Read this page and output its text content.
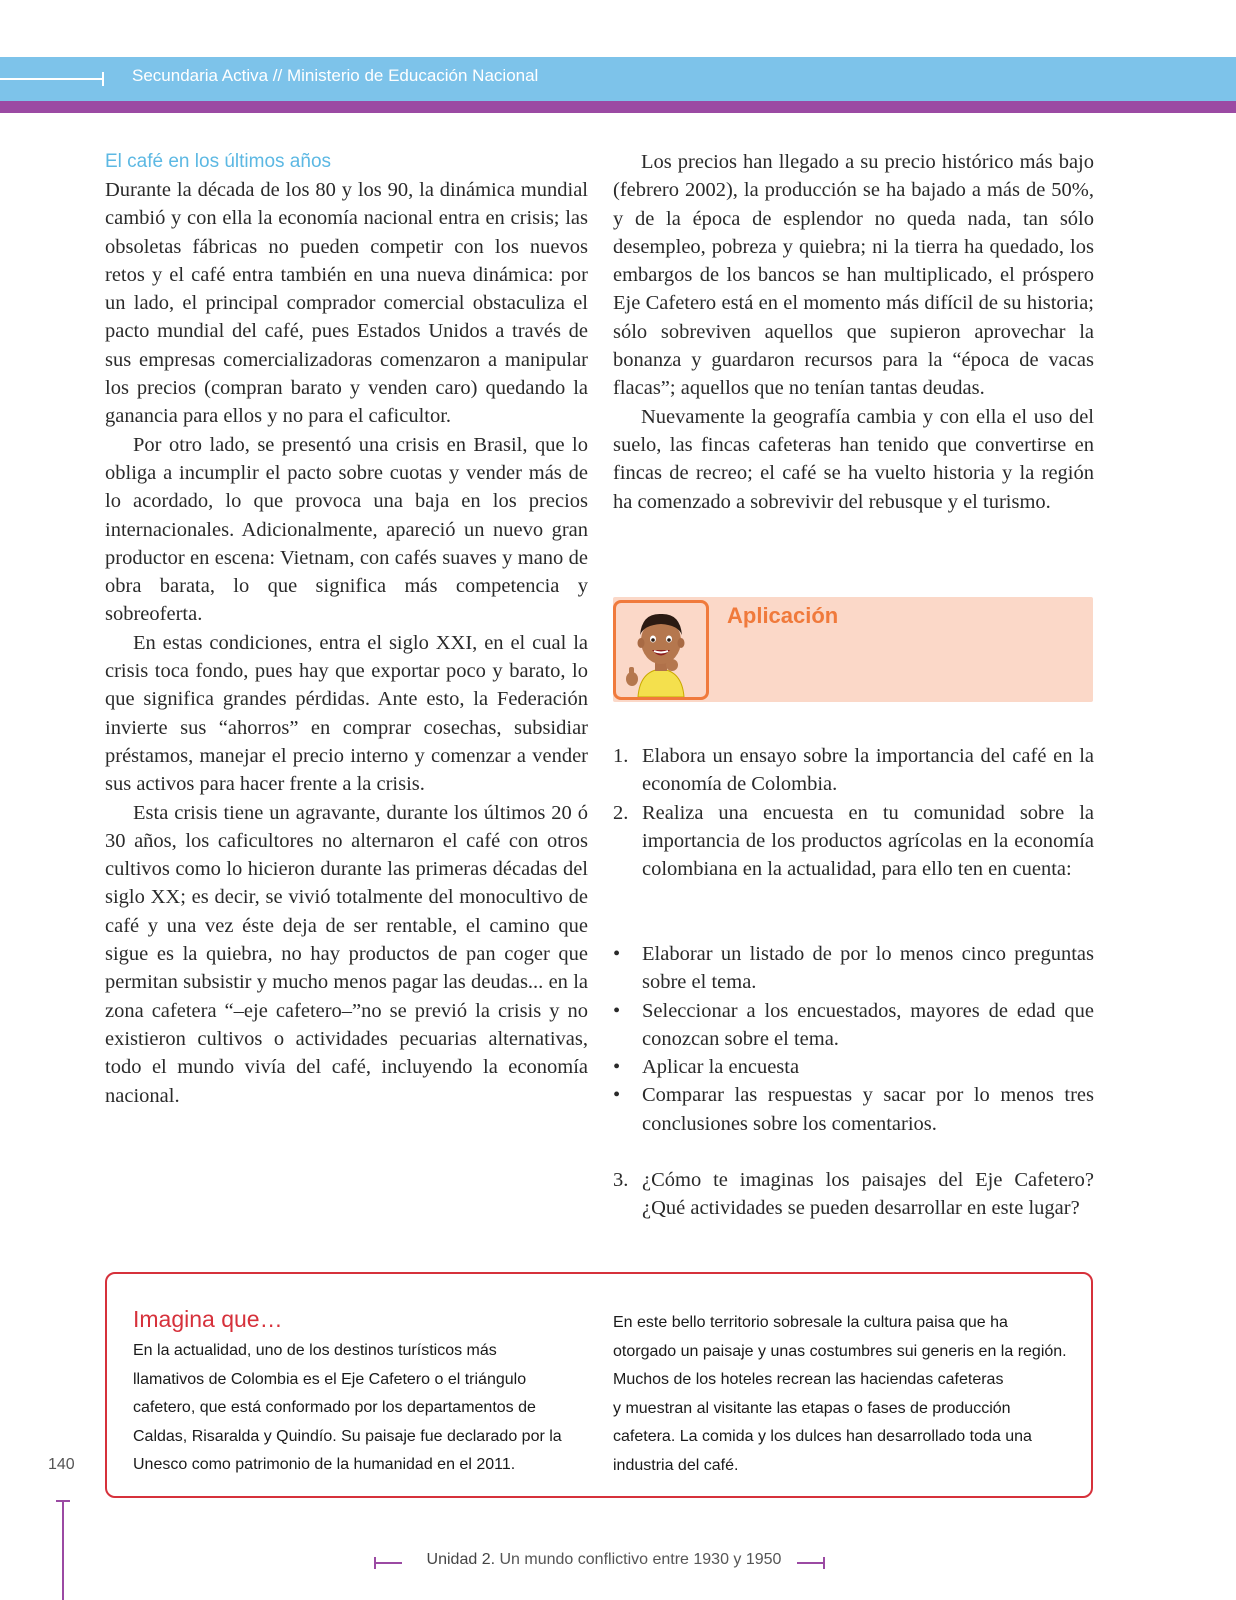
Secundaria Activa // Ministerio de Educación Nacional
El café en los últimos años

Durante la década de los 80 y los 90, la dinámica mundial cambió y con ella la economía nacional entra en crisis; las obsoletas fábricas no pueden competir con los nuevos retos y el café entra también en una nueva dinámica: por un lado, el principal comprador comercial obstaculiza el pacto mundial del café, pues Estados Unidos a través de sus empresas comercializadoras comenzaron a manipular los precios (compran barato y venden caro) quedando la ganancia para ellos y no para el caficultor.

Por otro lado, se presentó una crisis en Brasil, que lo obliga a incumplir el pacto sobre cuotas y vender más de lo acordado, lo que provoca una baja en los precios internacionales. Adicionalmente, apareció un nuevo gran productor en escena: Vietnam, con cafés suaves y mano de obra barata, lo que significa más competencia y sobreoferta.

En estas condiciones, entra el siglo XXI, en el cual la crisis toca fondo, pues hay que exportar poco y barato, lo que significa grandes pérdidas. Ante esto, la Federación invierte sus “ahorros” en comprar cosechas, subsidiar préstamos, manejar el precio interno y comenzar a vender sus activos para hacer frente a la crisis.

Esta crisis tiene un agravante, durante los últimos 20 ó 30 años, los caficultores no alternaron el café con otros cultivos como lo hicieron durante las primeras décadas del siglo XX; es decir, se vivió totalmente del monocultivo de café y una vez éste deja de ser rentable, el camino que sigue es la quiebra, no hay productos de pan coger que permitan subsistir y mucho menos pagar las deudas... en la zona cafetera “–eje cafetero–”no se previó la crisis y no existieron cultivos o actividades pecuarias alternativas, todo el mundo vivía del café, incluyendo la economía nacional.

Los precios han llegado a su precio histórico más bajo (febrero 2002), la producción se ha bajado a más de 50%, y de la época de esplendor no queda nada, tan sólo desempleo, pobreza y quiebra; ni la tierra ha quedado, los embargos de los bancos se han multiplicado, el próspero Eje Cafetero está en el momento más difícil de su historia; sólo sobreviven aquellos que supieron aprovechar la bonanza y guardaron recursos para la “época de vacas flacas”; aquellos que no tenían tantas deudas.

Nuevamente la geografía cambia y con ella el uso del suelo, las fincas cafeteras han tenido que convertirse en fincas de recreo; el café se ha vuelto historia y la región ha comenzado a sobrevivir del rebusque y el turismo.

Aplicación
1. Elabora un ensayo sobre la importancia del café en la economía de Colombia.
2. Realiza una encuesta en tu comunidad sobre la importancia de los productos agrícolas en la economía colombiana en la actualidad, para ello ten en cuenta:
• Elaborar un listado de por lo menos cinco preguntas sobre el tema.
• Seleccionar a los encuestados, mayores de edad que conozcan sobre el tema.
• Aplicar la encuesta
• Comparar las respuestas y sacar por lo menos tres conclusiones sobre los comentarios.
3. ¿Cómo te imaginas los paisajes del Eje Cafetero? ¿Qué actividades se pueden desarrollar en este lugar?
Imagina que…
En la actualidad, uno de los destinos turísticos más
llamativos de Colombia es el Eje Cafetero o el triángulo
cafetero, que está conformado por los departamentos de
Caldas, Risaralda y Quindío. Su paisaje fue declarado por la
Unesco como patrimonio de la humanidad en el 2011.
En este bello territorio sobresale la cultura paisa que ha
otorgado un paisaje y unas costumbres sui generis en la región.
Muchos de los hoteles recrean las haciendas cafeteras
y muestran al visitante las etapas o fases de producción
cafetera. La comida y los dulces han desarrollado toda una
industria del café.
140
Unidad 2. Un mundo conflictivo entre 1930 y 1950
